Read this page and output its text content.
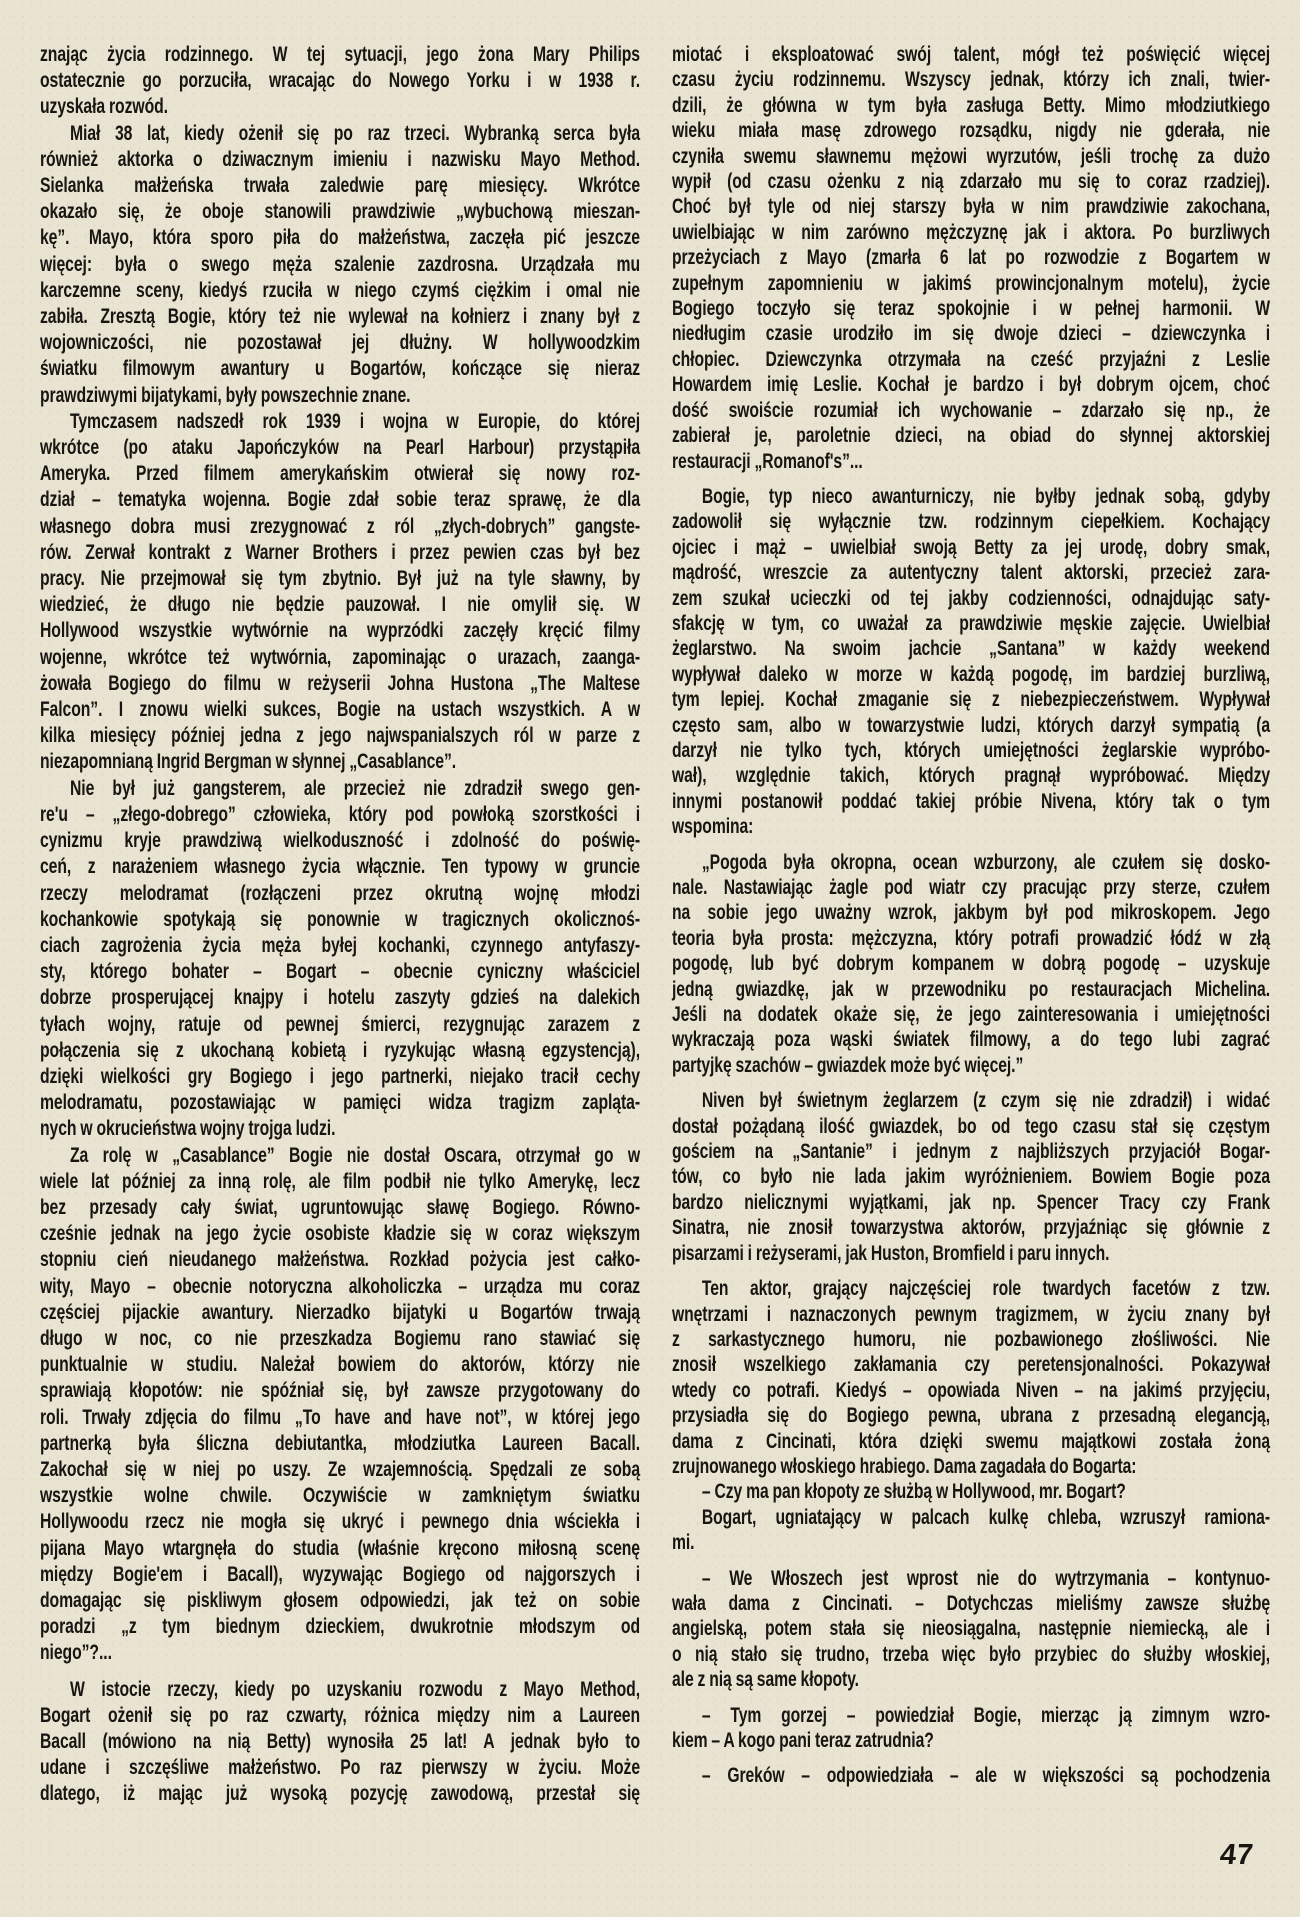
znając życia rodzinnego. W tej sytuacji, jego żona Mary Philips
ostatecznie go porzuciła, wracając do Nowego Yorku i w 1938 r.
uzyskała rozwód.
Miał 38 lat, kiedy ożenił się po raz trzeci. Wybranką serca była
również aktorka o dziwacznym imieniu i nazwisku Mayo Method.
Sielanka małżeńska trwała zaledwie parę miesięcy. Wkrótce
okazało się, że oboje stanowili prawdziwie „wybuchową mieszan-
kę”. Mayo, która sporo piła do małżeństwa, zaczęła pić jeszcze
więcej: była o swego męża szalenie zazdrosna. Urządzała mu
karczemne sceny, kiedyś rzuciła w niego czymś ciężkim i omal nie
zabiła. Zresztą Bogie, który też nie wylewał na kołnierz i znany był z
wojowniczości, nie pozostawał jej dłużny. W hollywoodzkim
światku filmowym awantury u Bogartów, kończące się nieraz
prawdziwymi bijatykami, były powszechnie znane.
Tymczasem nadszedł rok 1939 i wojna w Europie, do której
wkrótce (po ataku Japończyków na Pearl Harbour) przystąpiła
Ameryka. Przed filmem amerykańskim otwierał się nowy roz-
dział – tematyka wojenna. Bogie zdał sobie teraz sprawę, że dla
własnego dobra musi zrezygnować z ról „złych-dobrych” gangste-
rów. Zerwał kontrakt z Warner Brothers i przez pewien czas był bez
pracy. Nie przejmował się tym zbytnio. Był już na tyle sławny, by
wiedzieć, że długo nie będzie pauzował. I nie omylił się. W
Hollywood wszystkie wytwórnie na wyprzódki zaczęły kręcić filmy
wojenne, wkrótce też wytwórnia, zapominając o urazach, zaanga-
żowała Bogiego do filmu w reżyserii Johna Hustona „The Maltese
Falcon”. I znowu wielki sukces, Bogie na ustach wszystkich. A w
kilka miesięcy później jedna z jego najwspanialszych ról w parze z
niezapomnianą Ingrid Bergman w słynnej „Casablance”.
Nie był już gangsterem, ale przecież nie zdradził swego gen-
re'u – „złego-dobrego” człowieka, który pod powłoką szorstkości i
cynizmu kryje prawdziwą wielkoduszność i zdolność do poświę-
ceń, z narażeniem własnego życia włącznie. Ten typowy w gruncie
rzeczy melodramat (rozłączeni przez okrutną wojnę młodzi
kochankowie spotykają się ponownie w tragicznych okolicznoś-
ciach zagrożenia życia męża byłej kochanki, czynnego antyfaszy-
sty, którego bohater – Bogart – obecnie cyniczny właściciel
dobrze prosperującej knajpy i hotelu zaszyty gdzieś na dalekich
tyłach wojny, ratuje od pewnej śmierci, rezygnując zarazem z
połączenia się z ukochaną kobietą i ryzykując własną egzystencją),
dzięki wielkości gry Bogiego i jego partnerki, niejako tracił cechy
melodramatu, pozostawiając w pamięci widza tragizm zapląta-
nych w okrucieństwa wojny trojga ludzi.
Za rolę w „Casablance” Bogie nie dostał Oscara, otrzymał go w
wiele lat później za inną rolę, ale film podbił nie tylko Amerykę, lecz
bez przesady cały świat, ugruntowując sławę Bogiego. Równo-
cześnie jednak na jego życie osobiste kładzie się w coraz większym
stopniu cień nieudanego małżeństwa. Rozkład pożycia jest całko-
wity, Mayo – obecnie notoryczna alkoholiczka – urządza mu coraz
częściej pijackie awantury. Nierzadko bijatyki u Bogartów trwają
długo w noc, co nie przeszkadza Bogiemu rano stawiać się
punktualnie w studiu. Należał bowiem do aktorów, którzy nie
sprawiają kłopotów: nie spóźniał się, był zawsze przygotowany do
roli. Trwały zdjęcia do filmu „To have and have not”, w której jego
partnerką była śliczna debiutantka, młodziutka Laureen Bacall.
Zakochał się w niej po uszy. Ze wzajemnością. Spędzali ze sobą
wszystkie wolne chwile. Oczywiście w zamkniętym światku
Hollywoodu rzecz nie mogła się ukryć i pewnego dnia wściekła i
pijana Mayo wtargnęła do studia (właśnie kręcono miłosną scenę
między Bogie'em i Bacall), wyzywając Bogiego od najgorszych i
domagając się piskliwym głosem odpowiedzi, jak też on sobie
poradzi „z tym biednym dzieckiem, dwukrotnie młodszym od
niego”?...
W istocie rzeczy, kiedy po uzyskaniu rozwodu z Mayo Method,
Bogart ożenił się po raz czwarty, różnica między nim a Laureen
Bacall (mówiono na nią Betty) wynosiła 25 lat! A jednak było to
udane i szczęśliwe małżeństwo. Po raz pierwszy w życiu. Może
dlatego, iż mając już wysoką pozycję zawodową, przestał się
miotać i eksploatować swój talent, mógł też poświęcić więcej
czasu życiu rodzinnemu. Wszyscy jednak, którzy ich znali, twier-
dzili, że główna w tym była zasługa Betty. Mimo młodziutkiego
wieku miała masę zdrowego rozsądku, nigdy nie gderała, nie
czyniła swemu sławnemu mężowi wyrzutów, jeśli trochę za dużo
wypił (od czasu ożenku z nią zdarzało mu się to coraz rzadziej).
Choć był tyle od niej starszy była w nim prawdziwie zakochana,
uwielbiając w nim zarówno mężczyznę jak i aktora. Po burzliwych
przeżyciach z Mayo (zmarła 6 lat po rozwodzie z Bogartem w
zupełnym zapomnieniu w jakimś prowincjonalnym motelu), życie
Bogiego toczyło się teraz spokojnie i w pełnej harmonii. W
niedługim czasie urodziło im się dwoje dzieci – dziewczynka i
chłopiec. Dziewczynka otrzymała na cześć przyjaźni z Leslie
Howardem imię Leslie. Kochał je bardzo i był dobrym ojcem, choć
dość swoiście rozumiał ich wychowanie – zdarzało się np., że
zabierał je, paroletnie dzieci, na obiad do słynnej aktorskiej
restauracji „Romanof's”...
Bogie, typ nieco awanturniczy, nie byłby jednak sobą, gdyby
zadowolił się wyłącznie tzw. rodzinnym ciepełkiem. Kochający
ojciec i mąż – uwielbiał swoją Betty za jej urodę, dobry smak,
mądrość, wreszcie za autentyczny talent aktorski, przecież zara-
zem szukał ucieczki od tej jakby codzienności, odnajdując saty-
sfakcję w tym, co uważał za prawdziwie męskie zajęcie. Uwielbiał
żeglarstwo. Na swoim jachcie „Santana” w każdy weekend
wypływał daleko w morze w każdą pogodę, im bardziej burzliwą,
tym lepiej. Kochał zmaganie się z niebezpieczeństwem. Wypływał
często sam, albo w towarzystwie ludzi, których darzył sympatią (a
darzył nie tylko tych, których umiejętności żeglarskie wypróbo-
wał), względnie takich, których pragnął wypróbować. Między
innymi postanowił poddać takiej próbie Nivena, który tak o tym
wspomina:
„Pogoda była okropna, ocean wzburzony, ale czułem się dosko-
nale. Nastawiając żagle pod wiatr czy pracując przy sterze, czułem
na sobie jego uważny wzrok, jakbym był pod mikroskopem. Jego
teoria była prosta: mężczyzna, który potrafi prowadzić łódź w złą
pogodę, lub być dobrym kompanem w dobrą pogodę – uzyskuje
jedną gwiazdkę, jak w przewodniku po restauracjach Michelina.
Jeśli na dodatek okaże się, że jego zainteresowania i umiejętności
wykraczają poza wąski światek filmowy, a do tego lubi zagrać
partyjkę szachów – gwiazdek może być więcej.”
Niven był świetnym żeglarzem (z czym się nie zdradził) i widać
dostał pożądaną ilość gwiazdek, bo od tego czasu stał się częstym
gościem na „Santanie” i jednym z najbliższych przyjaciół Bogar-
tów, co było nie lada jakim wyróżnieniem. Bowiem Bogie poza
bardzo nielicznymi wyjątkami, jak np. Spencer Tracy czy Frank
Sinatra, nie znosił towarzystwa aktorów, przyjaźniąc się głównie z
pisarzami i reżyserami, jak Huston, Bromfield i paru innych.
Ten aktor, grający najczęściej role twardych facetów z tzw.
wnętrzami i naznaczonych pewnym tragizmem, w życiu znany był
z sarkastycznego humoru, nie pozbawionego złośliwości. Nie
znosił wszelkiego zakłamania czy peretensjonalności. Pokazywał
wtedy co potrafi. Kiedyś – opowiada Niven – na jakimś przyjęciu,
przysiadła się do Bogiego pewna, ubrana z przesadną elegancją,
dama z Cincinati, która dzięki swemu majątkowi została żoną
zrujnowanego włoskiego hrabiego. Dama zagadała do Bogarta:
– Czy ma pan kłopoty ze służbą w Hollywood, mr. Bogart?
Bogart, ugniatający w palcach kulkę chleba, wzruszył ramiona-
mi.
– We Włoszech jest wprost nie do wytrzymania – kontynuo-
wała dama z Cincinati. – Dotychczas mieliśmy zawsze służbę
angielską, potem stała się nieosiągalna, następnie niemiecką, ale i
o nią stało się trudno, trzeba więc było przybiec do służby włoskiej,
ale z nią są same kłopoty.
– Tym gorzej – powiedział Bogie, mierząc ją zimnym wzro-
kiem – A kogo pani teraz zatrudnia?
– Greków – odpowiedziała – ale w większości są pochodzenia
47
